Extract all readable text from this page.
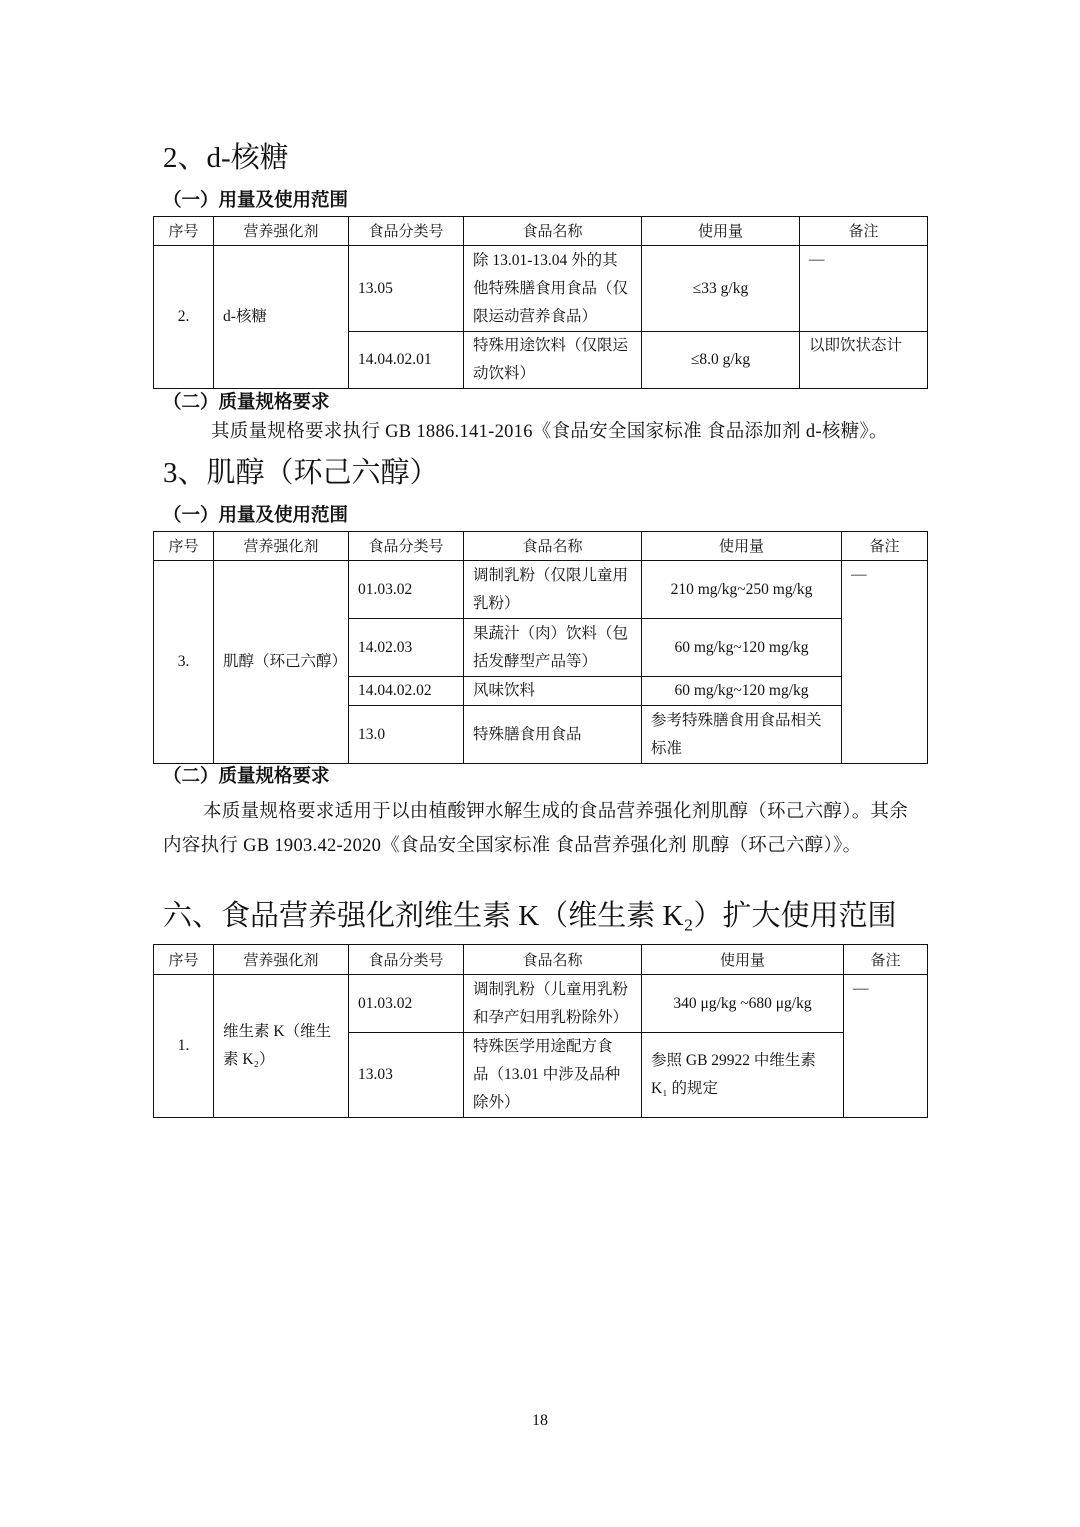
2、d-核糖
（一）用量及使用范围
序号	营养强化剂	食品分类号	食品名称	使用量	备注
2.	d-核糖	13.05	除 13.01-13.04 外的其
他特殊膳食用食品（仅
限运动营养食品）	≤33 g/kg	—
		14.04.02.01	特殊用途饮料（仅限运
动饮料）	≤8.0 g/kg	以即饮状态计
（二）质量规格要求
其质量规格要求执行 GB 1886.141-2016《食品安全国家标准 食品添加剂 d-核糖》。
3、肌醇（环己六醇）
（一）用量及使用范围
序号	营养强化剂	食品分类号	食品名称	使用量	备注
3.	肌醇（环己六醇）	01.03.02	调制乳粉（仅限儿童用
乳粉）	210 mg/kg~250 mg/kg	—
		14.02.03	果蔬汁（肉）饮料（包
括发酵型产品等）	60 mg/kg~120 mg/kg	

		14.04.02.02	风味饮料	60 mg/kg~120 mg/kg	

		13.0	特殊膳食用食品	参考特殊膳食用食品相关
标准	
（二）质量规格要求
本质量规格要求适用于以由植酸钾水解生成的食品营养强化剂肌醇（环己六醇）。其余
内容执行 GB 1903.42-2020《食品安全国家标准 食品营养强化剂 肌醇（环己六醇）》。
六、食品营养强化剂维生素 K（维生素 K₂）扩大使用范围
序号	营养强化剂	食品分类号	食品名称	使用量	备注
1.	维生素 K（维生
素 K₂）	01.03.02	调制乳粉（儿童用乳粉
和孕产妇用乳粉除外）	340 μg/kg ~680 μg/kg	—
		13.03	特殊医学用途配方食
品（13.01 中涉及品种
除外）	参照 GB 29922 中维生素
K₁ 的规定	
18
